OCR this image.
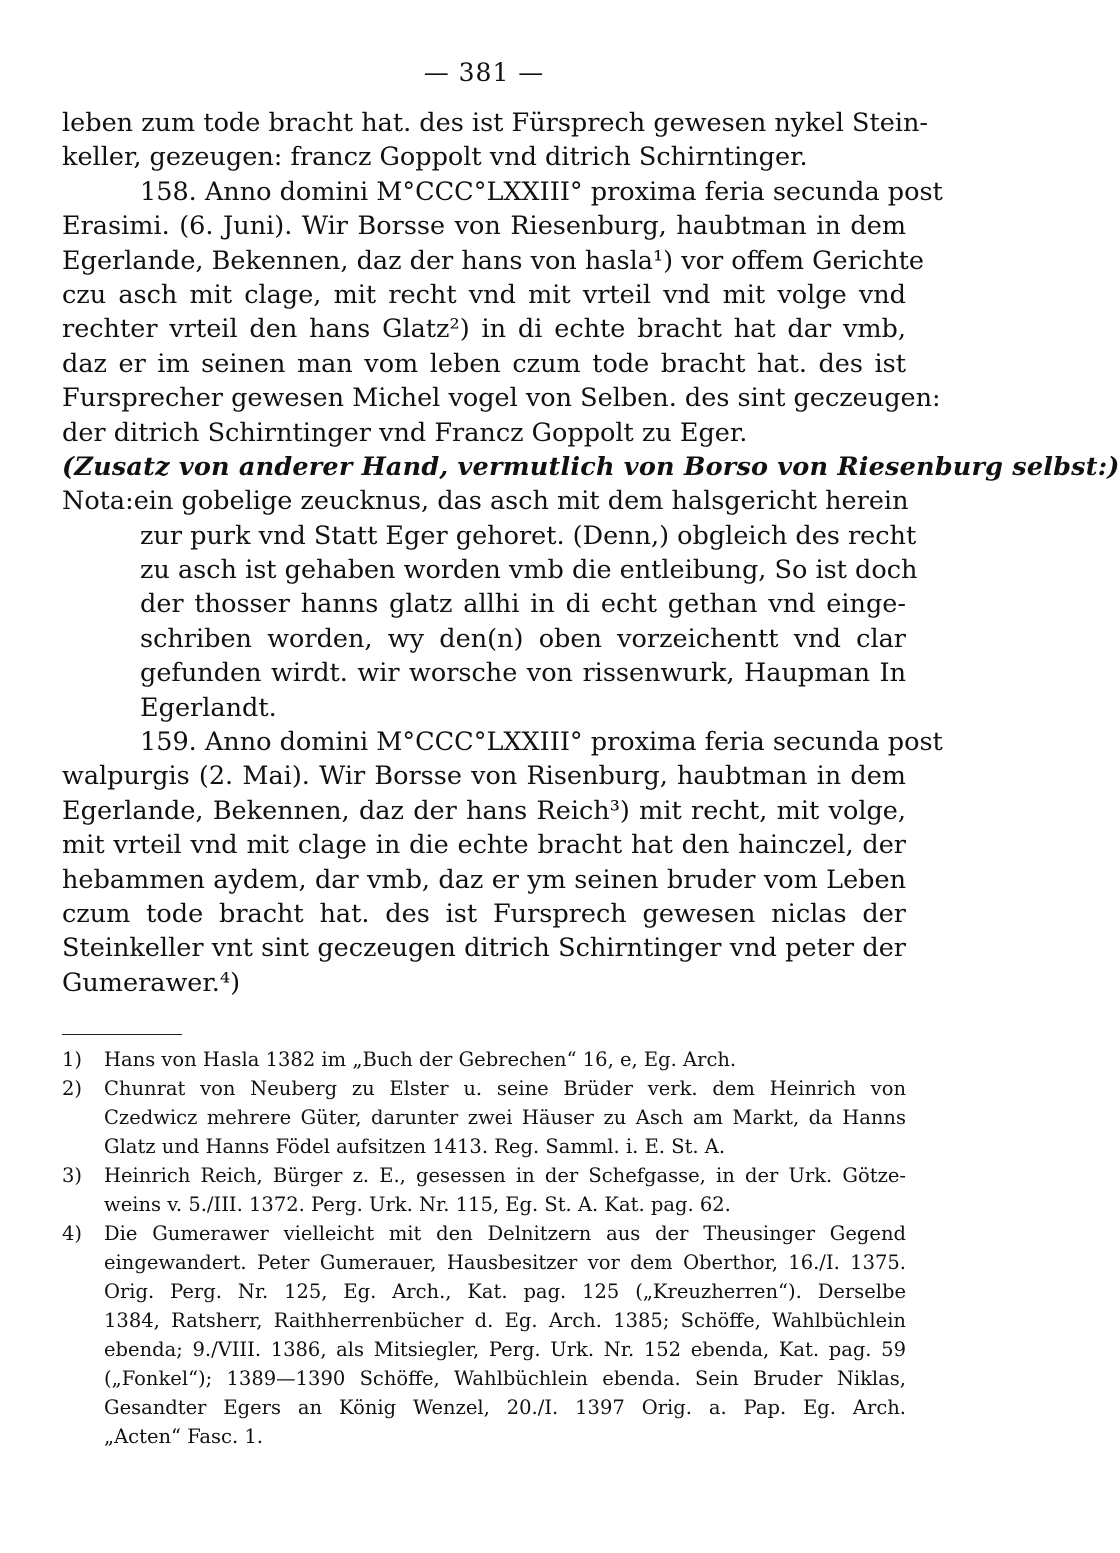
— 381 —
leben zum tode bracht hat. des ist Fürsprech gewesen nykel Stein-
keller, gezeugen: francz Goppolt vnd ditrich Schirntinger.
158. Anno domini M°CCC°LXXIII° proxima feria secunda post
Erasimi. (6. Juni). Wir Borsse von Riesenburg, haubtman in dem
Egerlande, Bekennen, daz der hans von hasla¹) vor offem Gerichte
czu asch mit clage, mit recht vnd mit vrteil vnd mit volge vnd
rechter vrteil den hans Glatz²) in di echte bracht hat dar vmb,
daz er im seinen man vom leben czum tode bracht hat. des ist
Fursprecher gewesen Michel vogel von Selben. des sint geczeugen:
der ditrich Schirntinger vnd Francz Goppolt zu Eger.
(Zusatz von anderer Hand, vermutlich von Borso von Riesenburg selbst:)
Nota: ein gobelige zeucknus, das asch mit dem halsgericht herein
zur purk vnd Statt Eger gehoret. (Denn,) obgleich des recht
zu asch ist gehaben worden vmb die entleibung, So ist doch
der thosser hanns glatz allhi in di echt gethan vnd einge-
schriben worden, wy den(n) oben vorzeichentt vnd clar
gefunden wirdt. wir worsche von rissenwurk, Haupman In
Egerlandt.
159. Anno domini M°CCC°LXXIII° proxima feria secunda post
walpurgis (2. Mai). Wir Borsse von Risenburg, haubtman in dem
Egerlande, Bekennen, daz der hans Reich³) mit recht, mit volge,
mit vrteil vnd mit clage in die echte bracht hat den hainczel, der
hebammen aydem, dar vmb, daz er ym seinen bruder vom Leben
czum tode bracht hat. des ist Fursprech gewesen niclas der
Steinkeller vnt sint geczeugen ditrich Schirntinger vnd peter der
Gumerawer.⁴)
1)	Hans von Hasla 1382 im „Buch der Gebrechen“ 16, e, Eg. Arch.
2)	Chunrat von Neuberg zu Elster u. seine Brüder verk. dem Heinrich von
Czedwicz mehrere Güter, darunter zwei Häuser zu Asch am Markt, da Hanns
Glatz und Hanns Födel aufsitzen 1413. Reg. Samml. i. E. St. A.
3)	Heinrich Reich, Bürger z. E., gesessen in der Schefgasse, in der Urk. Götze-
weins v. 5./III. 1372. Perg. Urk. Nr. 115, Eg. St. A. Kat. pag. 62.
4)	Die Gumerawer vielleicht mit den Delnitzern aus der Theusinger Gegend
eingewandert. Peter Gumerauer, Hausbesitzer vor dem Oberthor, 16./I. 1375.
Orig. Perg. Nr. 125, Eg. Arch., Kat. pag. 125 („Kreuzherren“). Derselbe
1384, Ratsherr, Raithherrenbücher d. Eg. Arch. 1385; Schöffe, Wahlbüchlein
ebenda; 9./VIII. 1386, als Mitsiegler, Perg. Urk. Nr. 152 ebenda, Kat. pag. 59
(„Fonkel“); 1389—1390 Schöffe, Wahlbüchlein ebenda. Sein Bruder Niklas,
Gesandter Egers an König Wenzel, 20./I. 1397 Orig. a. Pap. Eg. Arch.
„Acten“ Fasc. 1.
